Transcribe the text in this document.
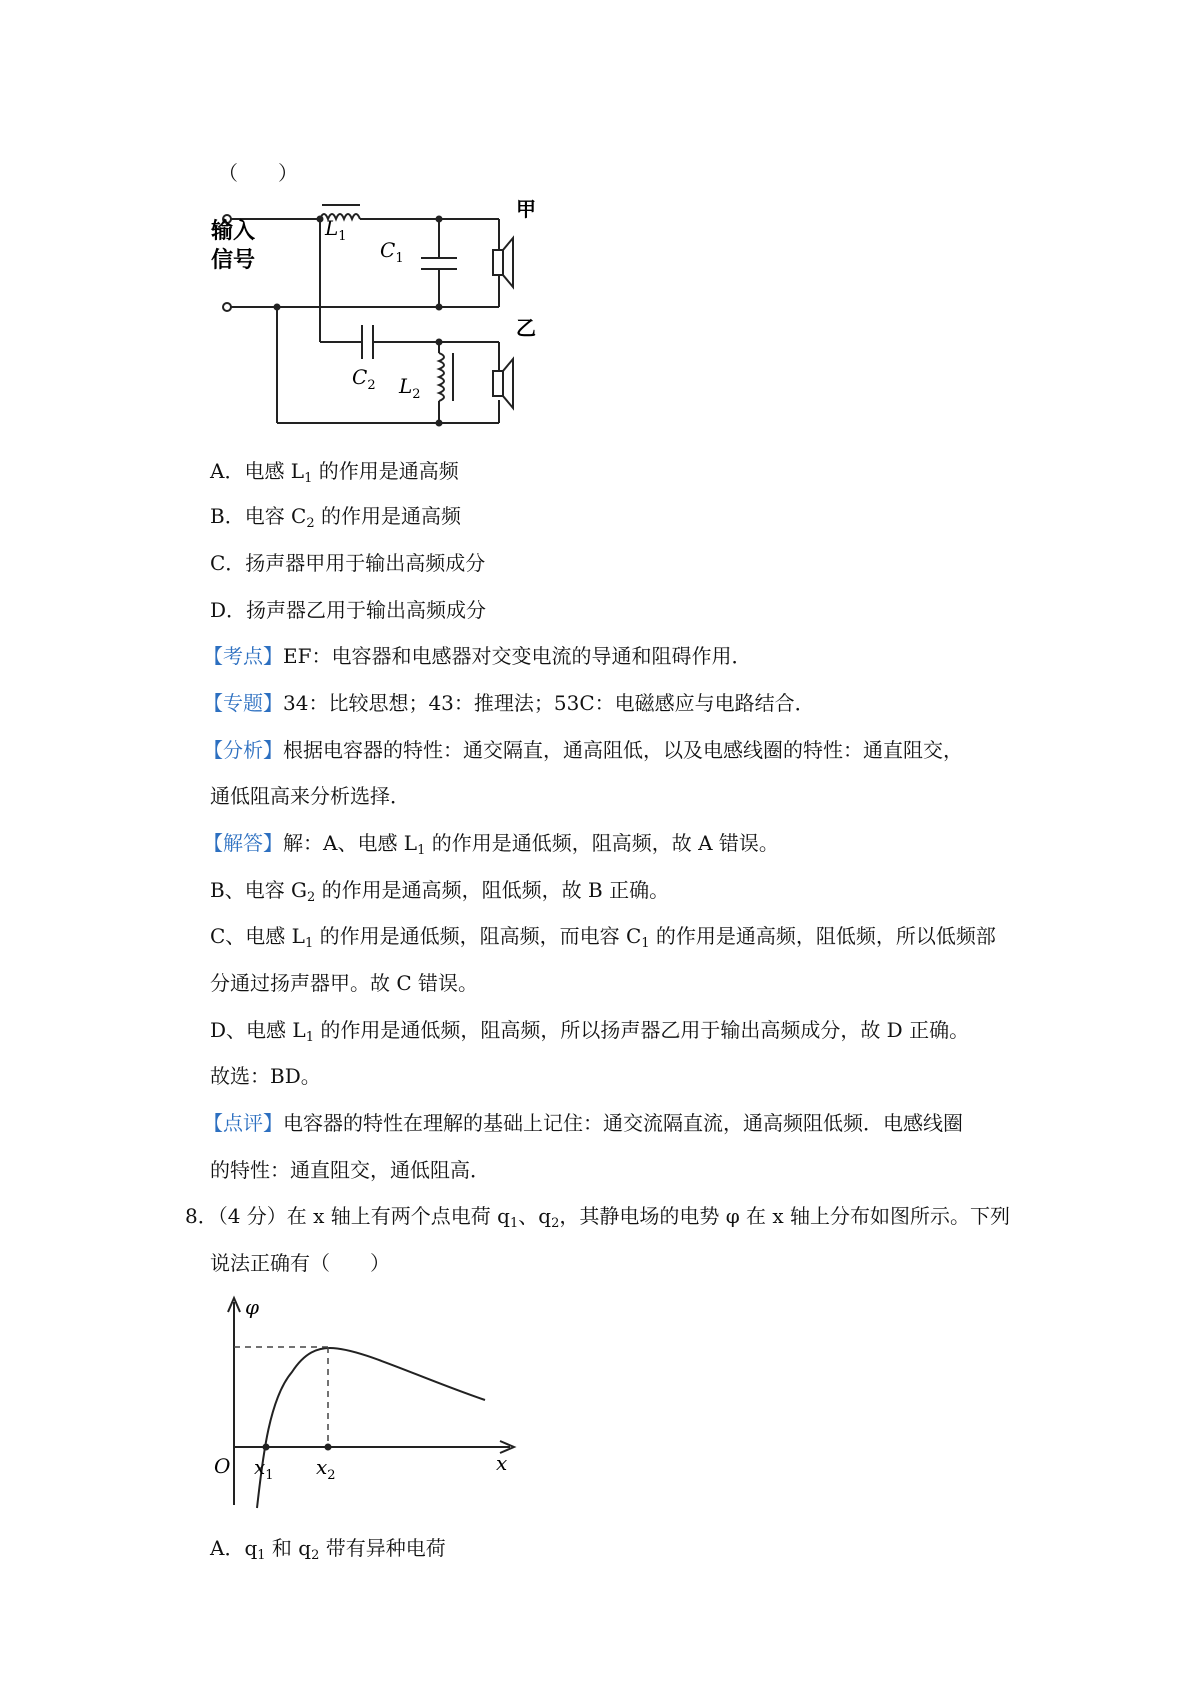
（　　）
输入
信号
甲
乙
$L_1$
$C_1$
$C_2$ $L_2$
A．电感 $L_1$ 的作用是通高频
B．电容 $C_2$ 的作用是通高频
C．扬声器甲用于输出高频成分
D．扬声器乙用于输出高频成分
【考点】EF：电容器和电感器对交变电流的导通和阻碍作用．
【专题】34：比较思想；43：推理法；53C：电磁感应与电路结合．
【分析】根据电容器的特性：通交隔直，通高阻低，以及电感线圈的特性：通直阻交，
通低阻高来分析选择．
【解答】解：A、电感 $L_1$ 的作用是通低频，阻高频，故 A 错误。
B、电容 $G_2$ 的作用是通高频，阻低频，故 B 正确。
C、电感 $L_1$ 的作用是通低频，阻高频，而电容 $C_1$ 的作用是通高频，阻低频，所以低频部
分通过扬声器甲。故 C 错误。
D、电感 $L_1$ 的作用是通低频，阻高频，所以扬声器乙用于输出高频成分，故 D 正确。
故选：BD。
【点评】电容器的特性在理解的基础上记住：通交流隔直流，通高频阻低频．电感线圈
的特性：通直阻交，通低阻高．
8．（4 分）在 x 轴上有两个点电荷 $q_1$、$q_2$，其静电场的电势 φ 在 x 轴上分布如图所示。下列
说法正确有（　　）
φ
x
O $x_1$ $x_2$
A．$q_1$ 和 $q_2$ 带有异种电荷
